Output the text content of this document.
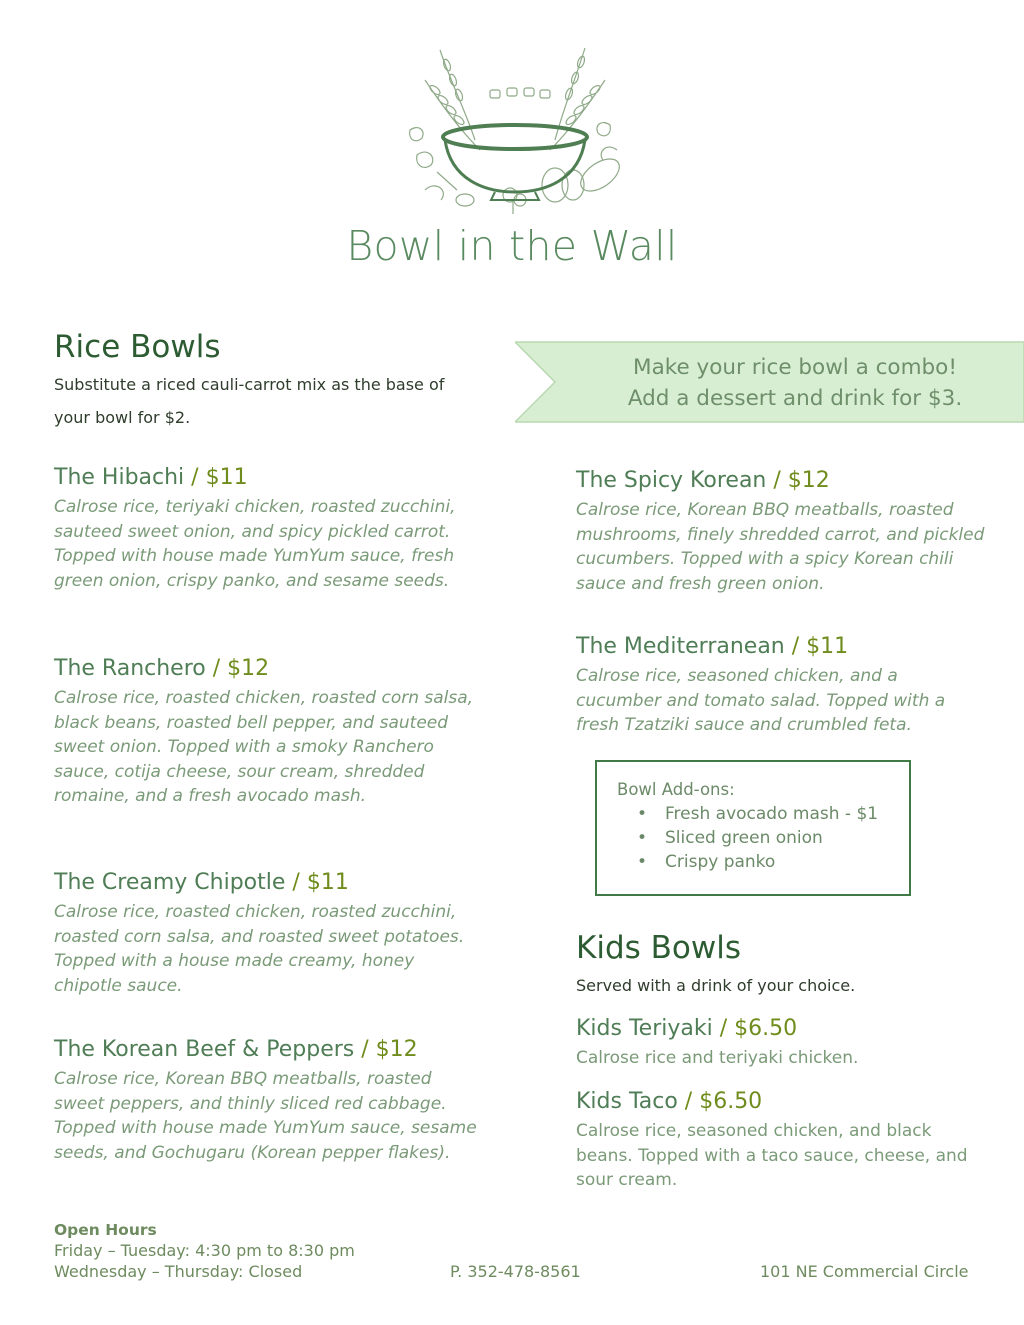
Bowl in the Wall
Rice Bowls
Substitute a riced cauli-carrot mix as the base of your bowl for $2.
Make your rice bowl a combo!
Add a dessert and drink for $3.
The Hibachi / $11
Calrose rice, teriyaki chicken, roasted zucchini, sauteed sweet onion, and spicy pickled carrot. Topped with house made YumYum sauce, fresh green onion, crispy panko, and sesame seeds.
The Ranchero / $12
Calrose rice, roasted chicken, roasted corn salsa, black beans, roasted bell pepper, and sauteed sweet onion. Topped with a smoky Ranchero sauce, cotija cheese, sour cream, shredded romaine, and a fresh avocado mash.
The Creamy Chipotle / $11
Calrose rice, roasted chicken, roasted zucchini, roasted corn salsa, and roasted sweet potatoes. Topped with a house made creamy, honey chipotle sauce.
The Korean Beef & Peppers / $12
Calrose rice, Korean BBQ meatballs, roasted sweet peppers, and thinly sliced red cabbage. Topped with house made YumYum sauce, sesame seeds, and Gochugaru (Korean pepper flakes).
The Spicy Korean / $12
Calrose rice, Korean BBQ meatballs, roasted mushrooms, finely shredded carrot, and pickled cucumbers. Topped with a spicy Korean chili sauce and fresh green onion.
The Mediterranean / $11
Calrose rice, seasoned chicken, and a cucumber and tomato salad. Topped with a fresh Tzatziki sauce and crumbled feta.
Bowl Add-ons:
• Fresh avocado mash - $1
• Sliced green onion
• Crispy panko
Kids Bowls
Served with a drink of your choice.
Kids Teriyaki / $6.50
Calrose rice and teriyaki chicken.
Kids Taco / $6.50
Calrose rice, seasoned chicken, and black beans. Topped with a taco sauce, cheese, and sour cream.
Open Hours
Friday – Tuesday: 4:30 pm to 8:30 pm
Wednesday – Thursday: Closed	P. 352-478-8561	101 NE Commercial Circle
